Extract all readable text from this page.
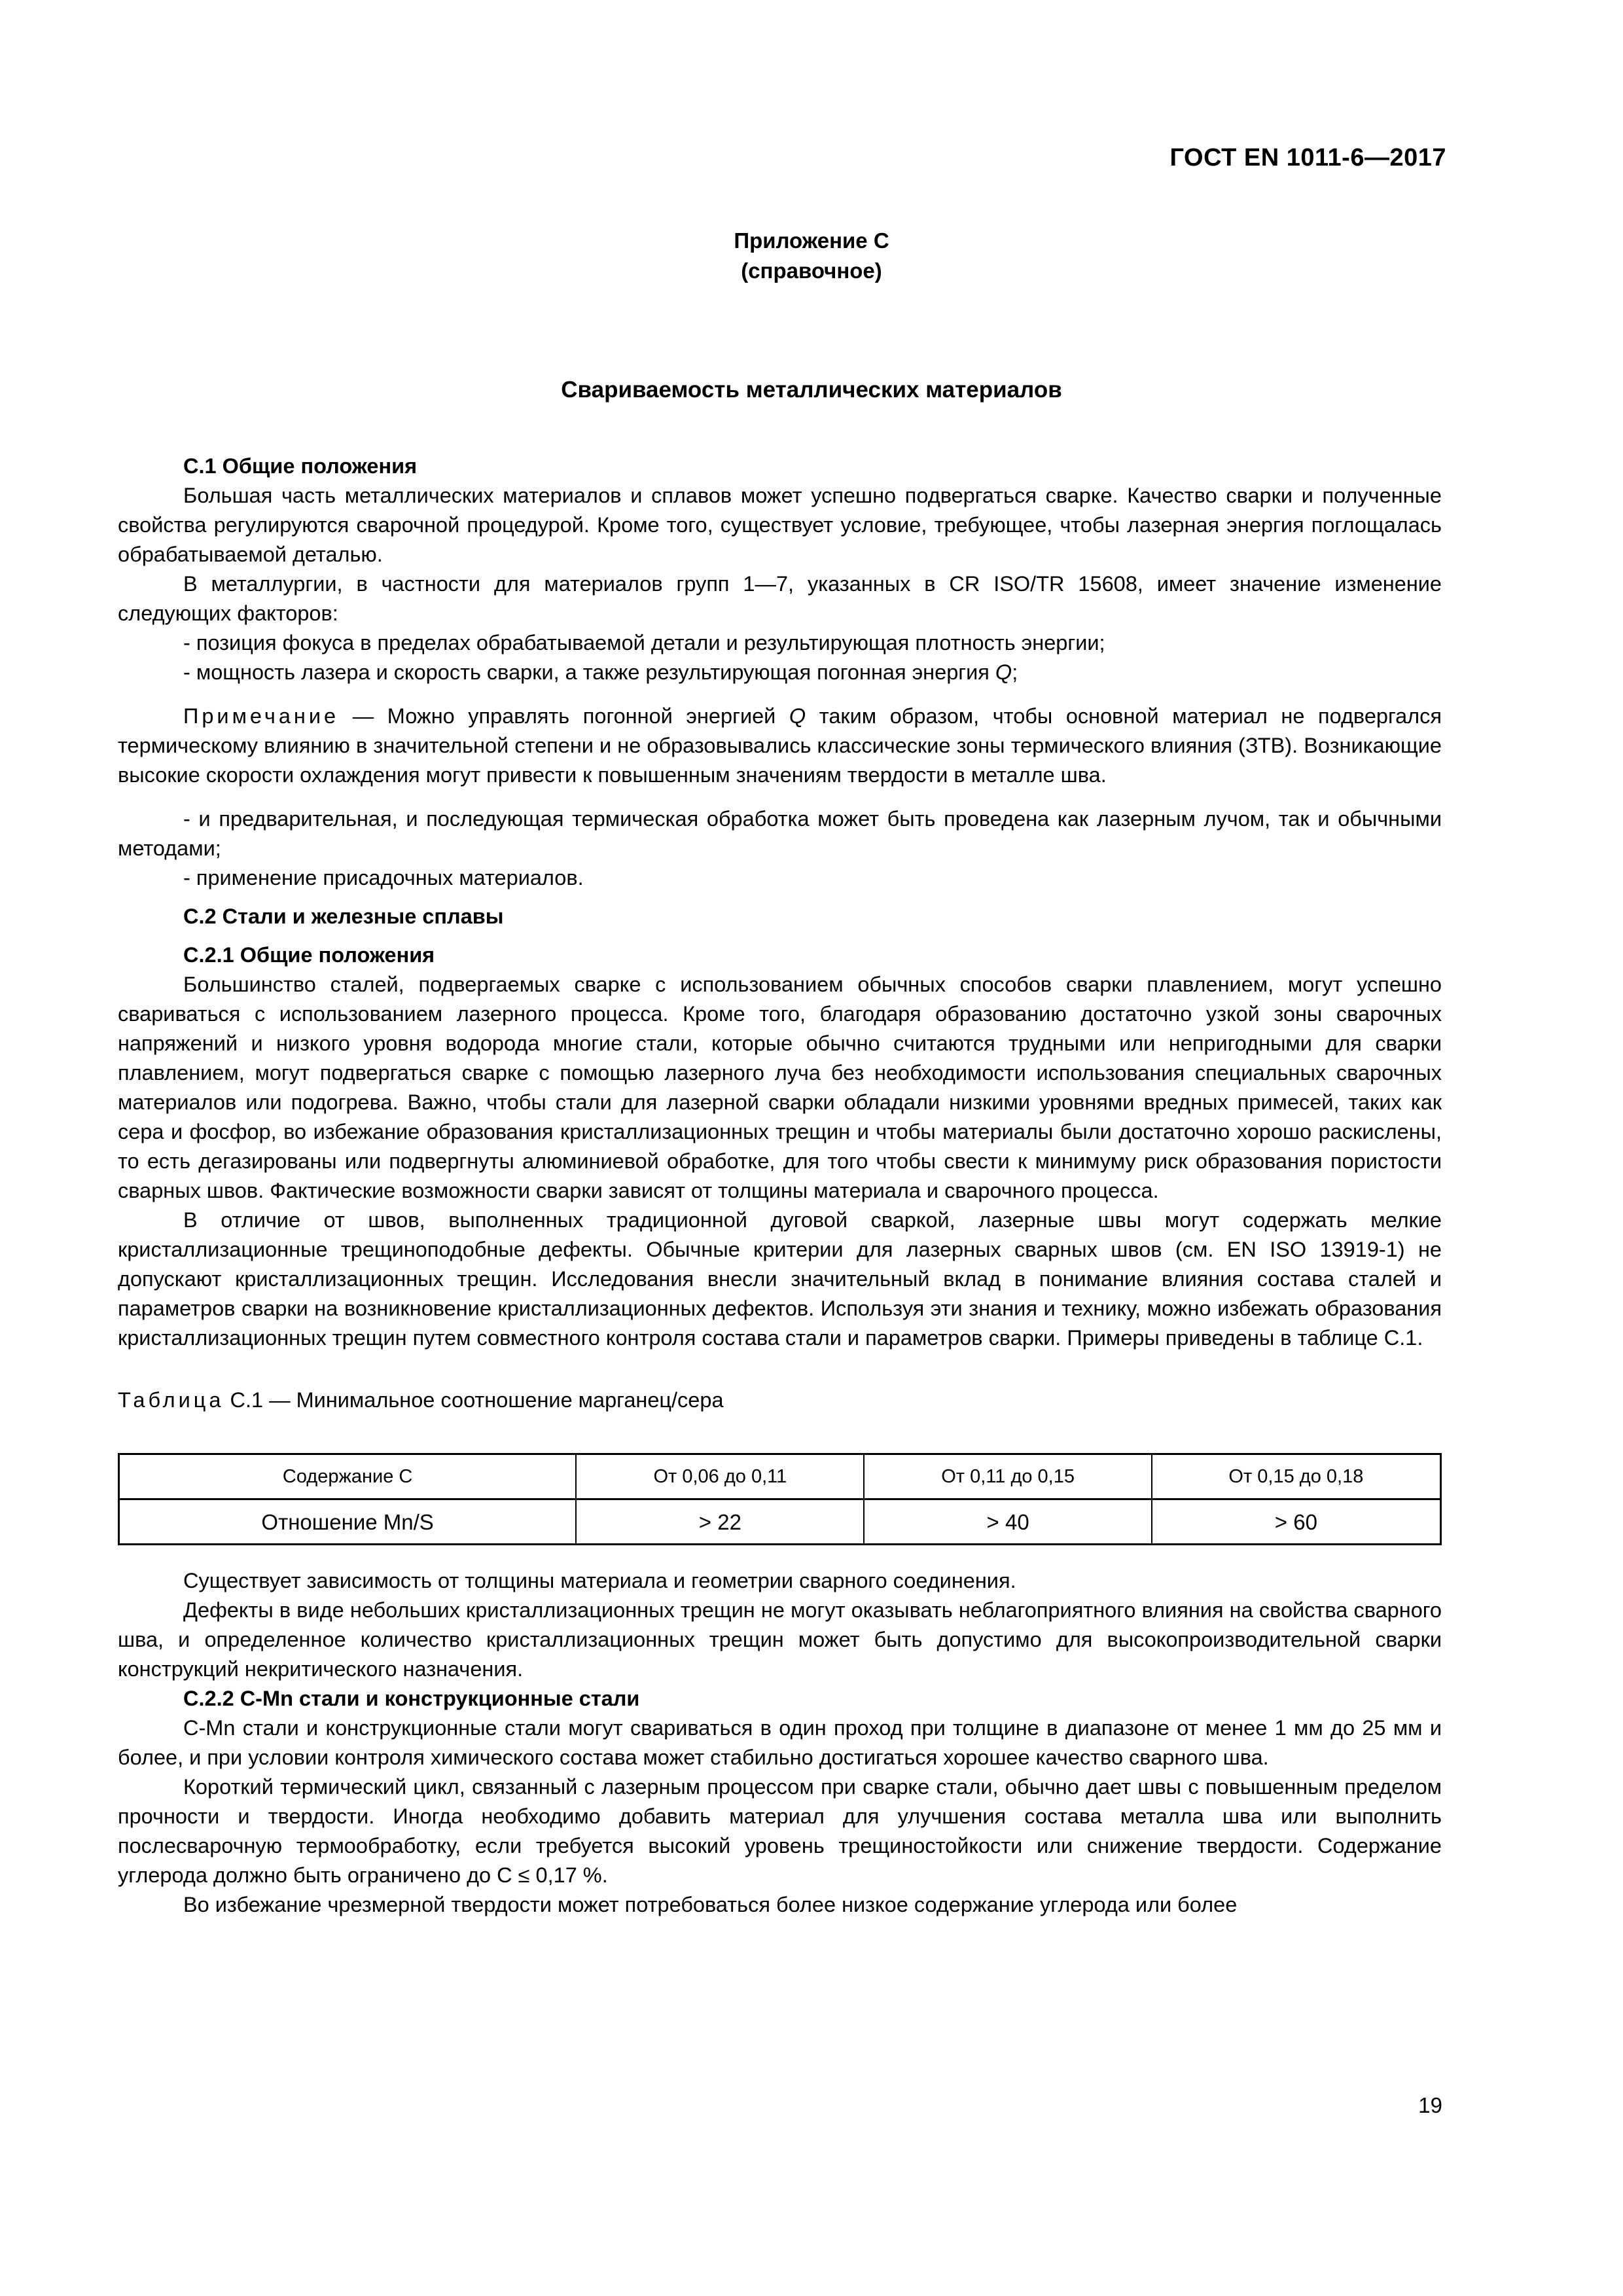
ГОСТ EN 1011-6—2017
Приложение С
(справочное)
Свариваемость металлических материалов

С.1 Общие положения

Большая часть металлических материалов и сплавов может успешно подвергаться сварке. Качество сварки и полученные свойства регулируются сварочной процедурой. Кроме того, существует условие, требующее, чтобы лазерная энергия поглощалась обрабатываемой деталью.

В металлургии, в частности для материалов групп 1—7, указанных в CR ISO/TR 15608, имеет значение изменение следующих факторов:

- позиция фокуса в пределах обрабатываемой детали и результирующая плотность энергии;

- мощность лазера и скорость сварки, а также результирующая погонная энергия Q;

Примечание — Можно управлять погонной энергией Q таким образом, чтобы основной материал не подвергался термическому влиянию в значительной степени и не образовывались классические зоны термического влияния (ЗТВ). Возникающие высокие скорости охлаждения могут привести к повышенным значениям твердости в металле шва.

- и предварительная, и последующая термическая обработка может быть проведена как лазерным лучом, так и обычными методами;

- применение присадочных материалов.

С.2 Стали и железные сплавы

С.2.1 Общие положения

Большинство сталей, подвергаемых сварке с использованием обычных способов сварки плавлением, могут успешно свариваться с использованием лазерного процесса. Кроме того, благодаря образованию достаточно узкой зоны сварочных напряжений и низкого уровня водорода многие стали, которые обычно считаются трудными или непригодными для сварки плавлением, могут подвергаться сварке с помощью лазерного луча без необходимости использования специальных сварочных материалов или подогрева. Важно, чтобы стали для лазерной сварки обладали низкими уровнями вредных примесей, таких как сера и фосфор, во избежание образования кристаллизационных трещин и чтобы материалы были достаточно хорошо раскислены, то есть дегазированы или подвергнуты алюминиевой обработке, для того чтобы свести к минимуму риск образования пористости сварных швов. Фактические возможности сварки зависят от толщины материала и сварочного процесса.

В отличие от швов, выполненных традиционной дуговой сваркой, лазерные швы могут содержать мелкие кристаллизационные трещиноподобные дефекты. Обычные критерии для лазерных сварных швов (см. EN ISO 13919-1) не допускают кристаллизационных трещин. Исследования внесли значительный вклад в понимание влияния состава сталей и параметров сварки на возникновение кристаллизационных дефектов. Используя эти знания и технику, можно избежать образования кристаллизационных трещин путем совместного контроля состава стали и параметров сварки. Примеры приведены в таблице С.1.

Таблица С.1 — Минимальное соотношение марганец/сера

Содержание С	От 0,06 до 0,11	От 0,11 до 0,15	От 0,15 до 0,18
Отношение Mn/S	> 22	> 40	> 60

Существует зависимость от толщины материала и геометрии сварного соединения.

Дефекты в виде небольших кристаллизационных трещин не могут оказывать неблагоприятного влияния на свойства сварного шва, и определенное количество кристаллизационных трещин может быть допустимо для высокопроизводительной сварки конструкций некритического назначения.

С.2.2 C-Mn стали и конструкционные стали

C-Mn стали и конструкционные стали могут свариваться в один проход при толщине в диапазоне от менее 1 мм до 25 мм и более, и при условии контроля химического состава может стабильно достигаться хорошее качество сварного шва.

Короткий термический цикл, связанный с лазерным процессом при сварке стали, обычно дает швы с повышенным пределом прочности и твердости. Иногда необходимо добавить материал для улучшения состава металла шва или выполнить послесварочную термообработку, если требуется высокий уровень трещиностойкости или снижение твердости. Содержание углерода должно быть ограничено до С ≤ 0,17 %.

Во избежание чрезмерной твердости может потребоваться более низкое содержание углерода или более

19
